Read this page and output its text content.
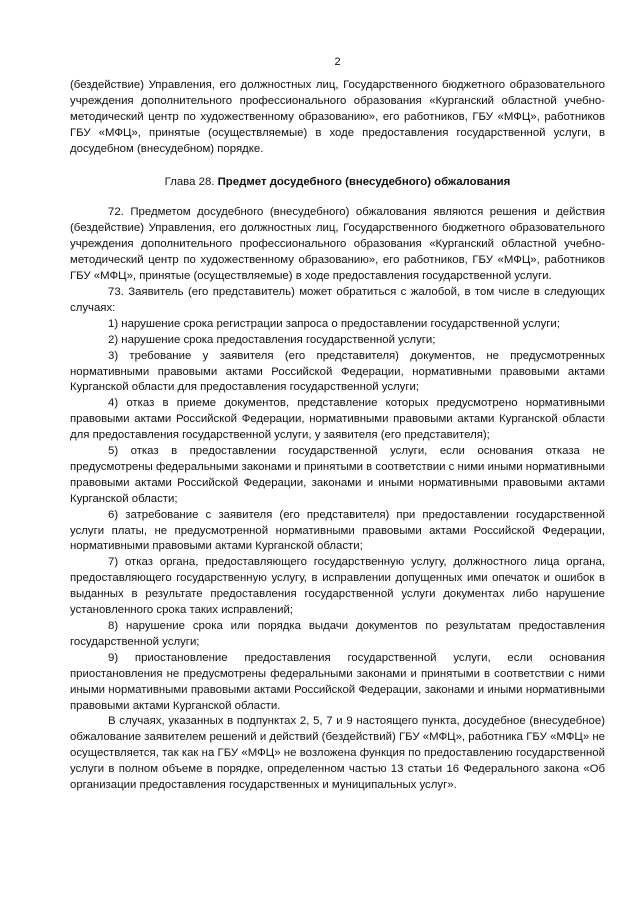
2

(бездействие) Управления, его должностных лиц, Государственного бюджетного образовательного учреждения дополнительного профессионального образования «Курганский областной учебно-методический центр по художественному образованию», его работников, ГБУ «МФЦ», работников ГБУ «МФЦ», принятые (осуществляемые) в ходе предоставления государственной услуги, в досудебном (внесудебном) порядке.

Глава 28. Предмет досудебного (внесудебного) обжалования

72. Предметом досудебного (внесудебного) обжалования являются решения и действия (бездействие) Управления, его должностных лиц, Государственного бюджетного образовательного учреждения дополнительного профессионального образования «Курганский областной учебно-методический центр по художественному образованию», его работников, ГБУ «МФЦ», работников ГБУ «МФЦ», принятые (осуществляемые) в ходе предоставления государственной услуги.

73. Заявитель (его представитель) может обратиться с жалобой, в том числе в следующих случаях:

1) нарушение срока регистрации запроса о предоставлении государственной услуги;

2) нарушение срока предоставления государственной услуги;

3) требование у заявителя (его представителя) документов, не предусмотренных нормативными правовыми актами Российской Федерации, нормативными правовыми актами Курганской области для предоставления государственной услуги;

4) отказ в приеме документов, представление которых предусмотрено нормативными правовыми актами Российской Федерации, нормативными правовыми актами Курганской области для предоставления государственной услуги, у заявителя (его представителя);

5) отказ в предоставлении государственной услуги, если основания отказа не предусмотрены федеральными законами и принятыми в соответствии с ними иными нормативными правовыми актами Российской Федерации, законами и иными нормативными правовыми актами Курганской области;

6) затребование с заявителя (его представителя) при предоставлении государственной услуги платы, не предусмотренной нормативными правовыми актами Российской Федерации, нормативными правовыми актами Курганской области;

7) отказ органа, предоставляющего государственную услугу, должностного лица органа, предоставляющего государственную услугу, в исправлении допущенных ими опечаток и ошибок в выданных в результате предоставления государственной услуги документах либо нарушение установленного срока таких исправлений;

8) нарушение срока или порядка выдачи документов по результатам предоставления государственной услуги;

9) приостановление предоставления государственной услуги, если основания приостановления не предусмотрены федеральными законами и принятыми в соответствии с ними иными нормативными правовыми актами Российской Федерации, законами и иными нормативными правовыми актами Курганской области.

В случаях, указанных в подпунктах 2, 5, 7 и 9 настоящего пункта, досудебное (внесудебное) обжалование заявителем решений и действий (бездействий) ГБУ «МФЦ», работника ГБУ «МФЦ» не осуществляется, так как на ГБУ «МФЦ» не возложена функция по предоставлению государственной услуги в полном объеме в порядке, определенном частью 13 статьи 16 Федерального закона «Об организации предоставления государственных и муниципальных услуг».
